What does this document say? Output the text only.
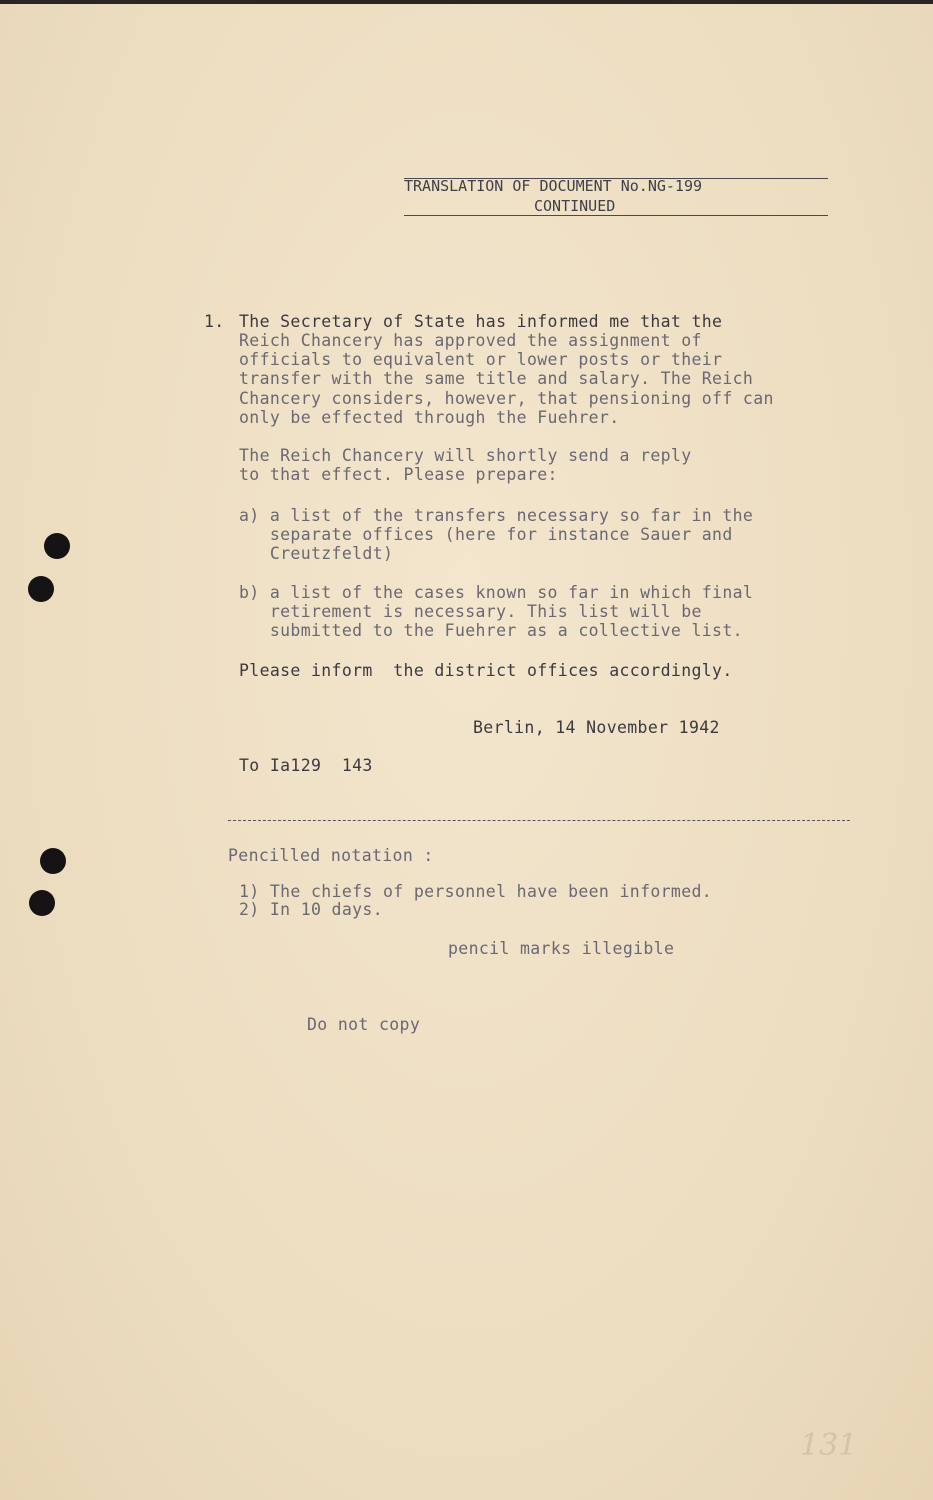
TRANSLATION OF DOCUMENT No.NG-199
CONTINUED
1. The Secretary of State has informed me that the
Reich Chancery has approved the assignment of
officials to equivalent or lower posts or their
transfer with the same title and salary. The Reich
Chancery considers, however, that pensioning off can
only be effected through the Fuehrer.
The Reich Chancery will shortly send a reply
to that effect. Please prepare:
a) a list of the transfers necessary so far in the
separate offices (here for instance Sauer and
Creutzfeldt)
b) a list of the cases known so far in which final
retirement is necessary. This list will be
submitted to the Fuehrer as a collective list.
Please inform  the district offices accordingly.
Berlin, 14 November 1942
To Ia129  143
Pencilled notation :
1) The chiefs of personnel have been informed.
2) In 10 days.
pencil marks illegible
Do not copy
131
